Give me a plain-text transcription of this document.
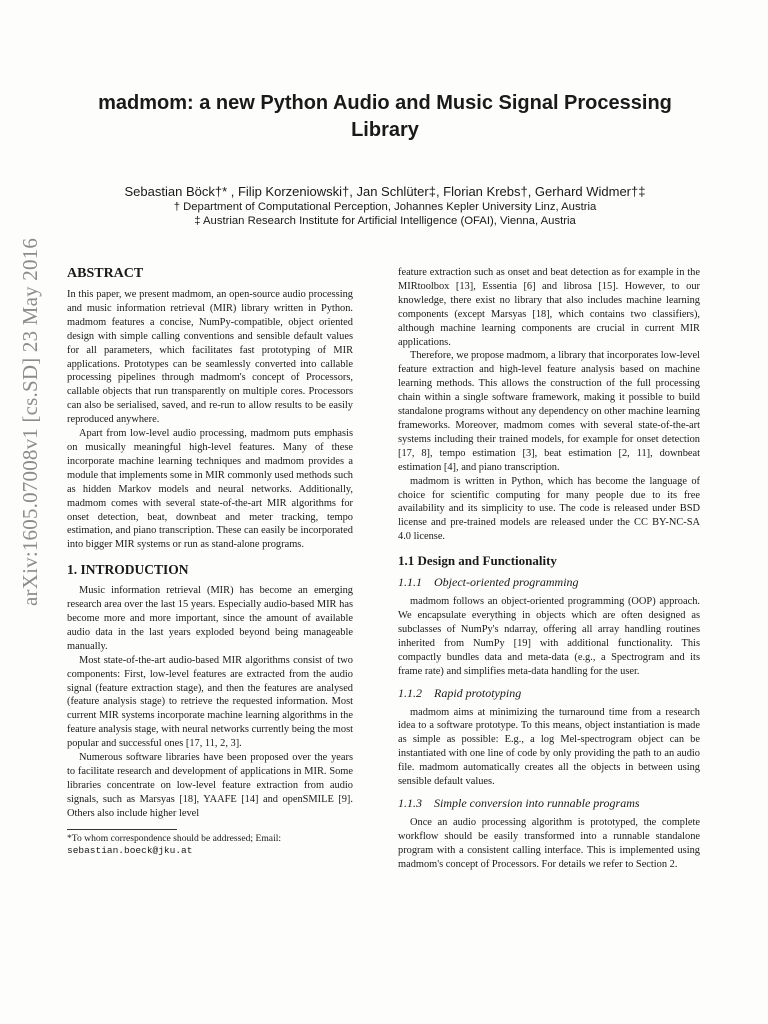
arXiv:1605.07008v1 [cs.SD] 23 May 2016
madmom: a new Python Audio and Music Signal Processing Library
Sebastian Böck†* , Filip Korzeniowski†, Jan Schlüter‡, Florian Krebs†, Gerhard Widmer†‡
† Department of Computational Perception, Johannes Kepler University Linz, Austria
‡ Austrian Research Institute for Artificial Intelligence (OFAI), Vienna, Austria
ABSTRACT

In this paper, we present madmom, an open-source audio processing and music information retrieval (MIR) library written in Python. madmom features a concise, NumPy-compatible, object oriented design with simple calling conventions and sensible default values for all parameters, which facilitates fast prototyping of MIR applications. Prototypes can be seamlessly converted into callable processing pipelines through madmom's concept of Processors, callable objects that run transparently on multiple cores. Processors can also be serialised, saved, and re-run to allow results to be easily reproduced anywhere.

Apart from low-level audio processing, madmom puts emphasis on musically meaningful high-level features. Many of these incorporate machine learning techniques and madmom provides a module that implements some in MIR commonly used methods such as hidden Markov models and neural networks. Additionally, madmom comes with several state-of-the-art MIR algorithms for onset detection, beat, downbeat and meter tracking, tempo estimation, and piano transcription. These can easily be incorporated into bigger MIR systems or run as stand-alone programs.

1. INTRODUCTION

Music information retrieval (MIR) has become an emerging research area over the last 15 years. Especially audio-based MIR has become more and more important, since the amount of available audio data in the last years exploded beyond being manageable manually.

Most state-of-the-art audio-based MIR algorithms consist of two components: First, low-level features are extracted from the audio signal (feature extraction stage), and then the features are analysed (feature analysis stage) to retrieve the requested information. Most current MIR systems incorporate machine learning algorithms in the feature analysis stage, with neural networks currently being the most popular and successful ones [17, 11, 2, 3].

Numerous software libraries have been proposed over the years to facilitate research and development of applications in MIR. Some libraries concentrate on low-level feature extraction from audio signals, such as Marsyas [18], YAAFE [14] and openSMILE [9]. Others also include higher level

*To whom correspondence should be addressed; Email:
sebastian.boeck@jku.at

feature extraction such as onset and beat detection as for example in the MIRtoolbox [13], Essentia [6] and librosa [15]. However, to our knowledge, there exist no library that also includes machine learning components (except Marsyas [18], which contains two classifiers), although machine learning components are crucial in current MIR applications.

Therefore, we propose madmom, a library that incorporates low-level feature extraction and high-level feature analysis based on machine learning methods. This allows the construction of the full processing chain within a single software framework, making it possible to build standalone programs without any dependency on other machine learning frameworks. Moreover, madmom comes with several state-of-the-art systems including their trained models, for example for onset detection [17, 8], tempo estimation [3], beat estimation [2, 11], downbeat estimation [4], and piano transcription.

madmom is written in Python, which has become the language of choice for scientific computing for many people due to its free availability and its simplicity to use. The code is released under BSD license and pre-trained models are released under the CC BY-NC-SA 4.0 license.

1.1 Design and Functionality
1.1.1 Object-oriented programming

madmom follows an object-oriented programming (OOP) approach. We encapsulate everything in objects which are often designed as subclasses of NumPy's ndarray, offering all array handling routines inherited from NumPy [19] with additional functionality. This compactly bundles data and meta-data (e.g., a Spectrogram and its frame rate) and simplifies meta-data handling for the user.

1.1.2 Rapid prototyping

madmom aims at minimizing the turnaround time from a research idea to a software prototype. To this means, object instantiation is made as simple as possible: E.g., a log Mel-spectrogram object can be instantiated with one line of code by only providing the path to an audio file. madmom automatically creates all the objects in between using sensible default values.

1.1.3 Simple conversion into runnable programs

Once an audio processing algorithm is prototyped, the complete workflow should be easily transformed into a runnable standalone program with a consistent calling interface. This is implemented using madmom's concept of Processors. For details we refer to Section 2.
